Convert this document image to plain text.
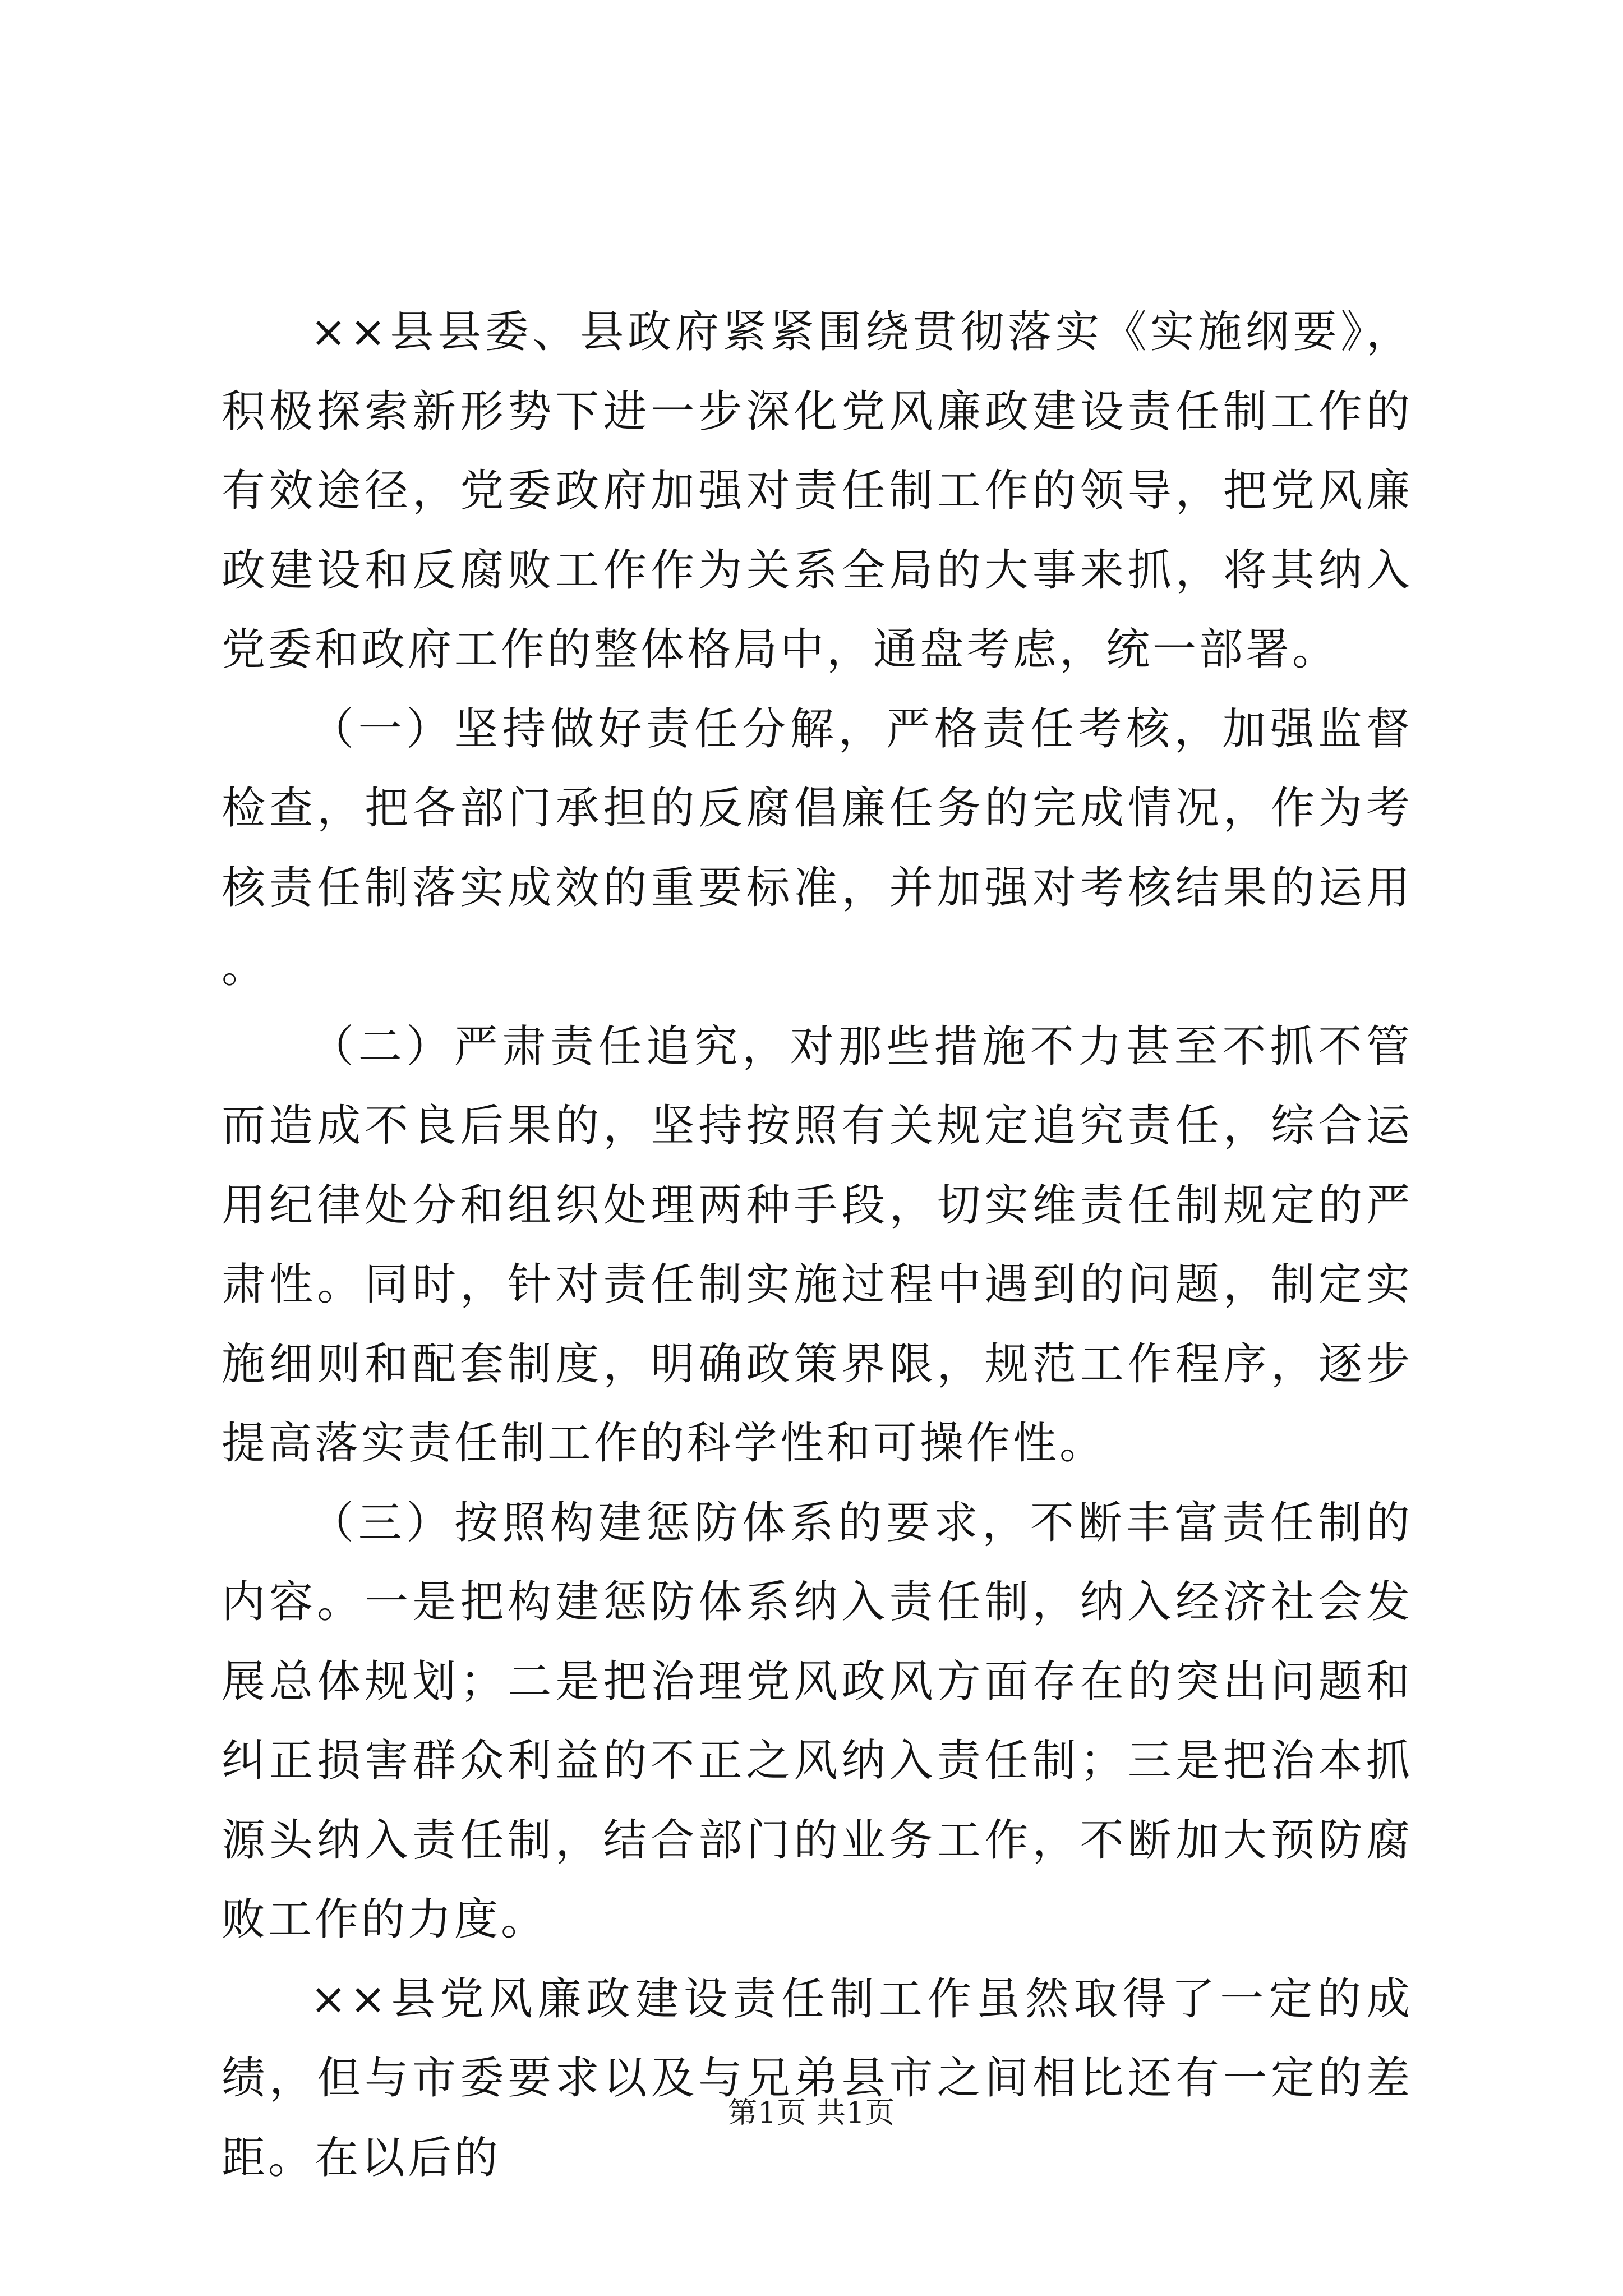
××县县委、县政府紧紧围绕贯彻落实《实施纲要》，积极探索新形势下进一步深化党风廉政建设责任制工作的有效途径，党委政府加强对责任制工作的领导，把党风廉政建设和反腐败工作作为关系全局的大事来抓，将其纳入党委和政府工作的整体格局中，通盘考虑，统一部署。

（一）坚持做好责任分解，严格责任考核，加强监督检查，把各部门承担的反腐倡廉任务的完成情况，作为考核责任制落实成效的重要标准，并加强对考核结果的运用。

（二）严肃责任追究，对那些措施不力甚至不抓不管而造成不良后果的，坚持按照有关规定追究责任，综合运用纪律处分和组织处理两种手段，切实维责任制规定的严肃性。同时，针对责任制实施过程中遇到的问题，制定实施细则和配套制度，明确政策界限，规范工作程序，逐步提高落实责任制工作的科学性和可操作性。

（三）按照构建惩防体系的要求，不断丰富责任制的内容。一是把构建惩防体系纳入责任制，纳入经济社会发展总体规划；二是把治理党风政风方面存在的突出问题和纠正损害群众利益的不正之风纳入责任制；三是把治本抓源头纳入责任制，结合部门的业务工作，不断加大预防腐败工作的力度。

××县党风廉政建设责任制工作虽然取得了一定的成绩，但与市委要求以及与兄弟县市之间相比还有一定的差距。在以后的

第1页 共1页
